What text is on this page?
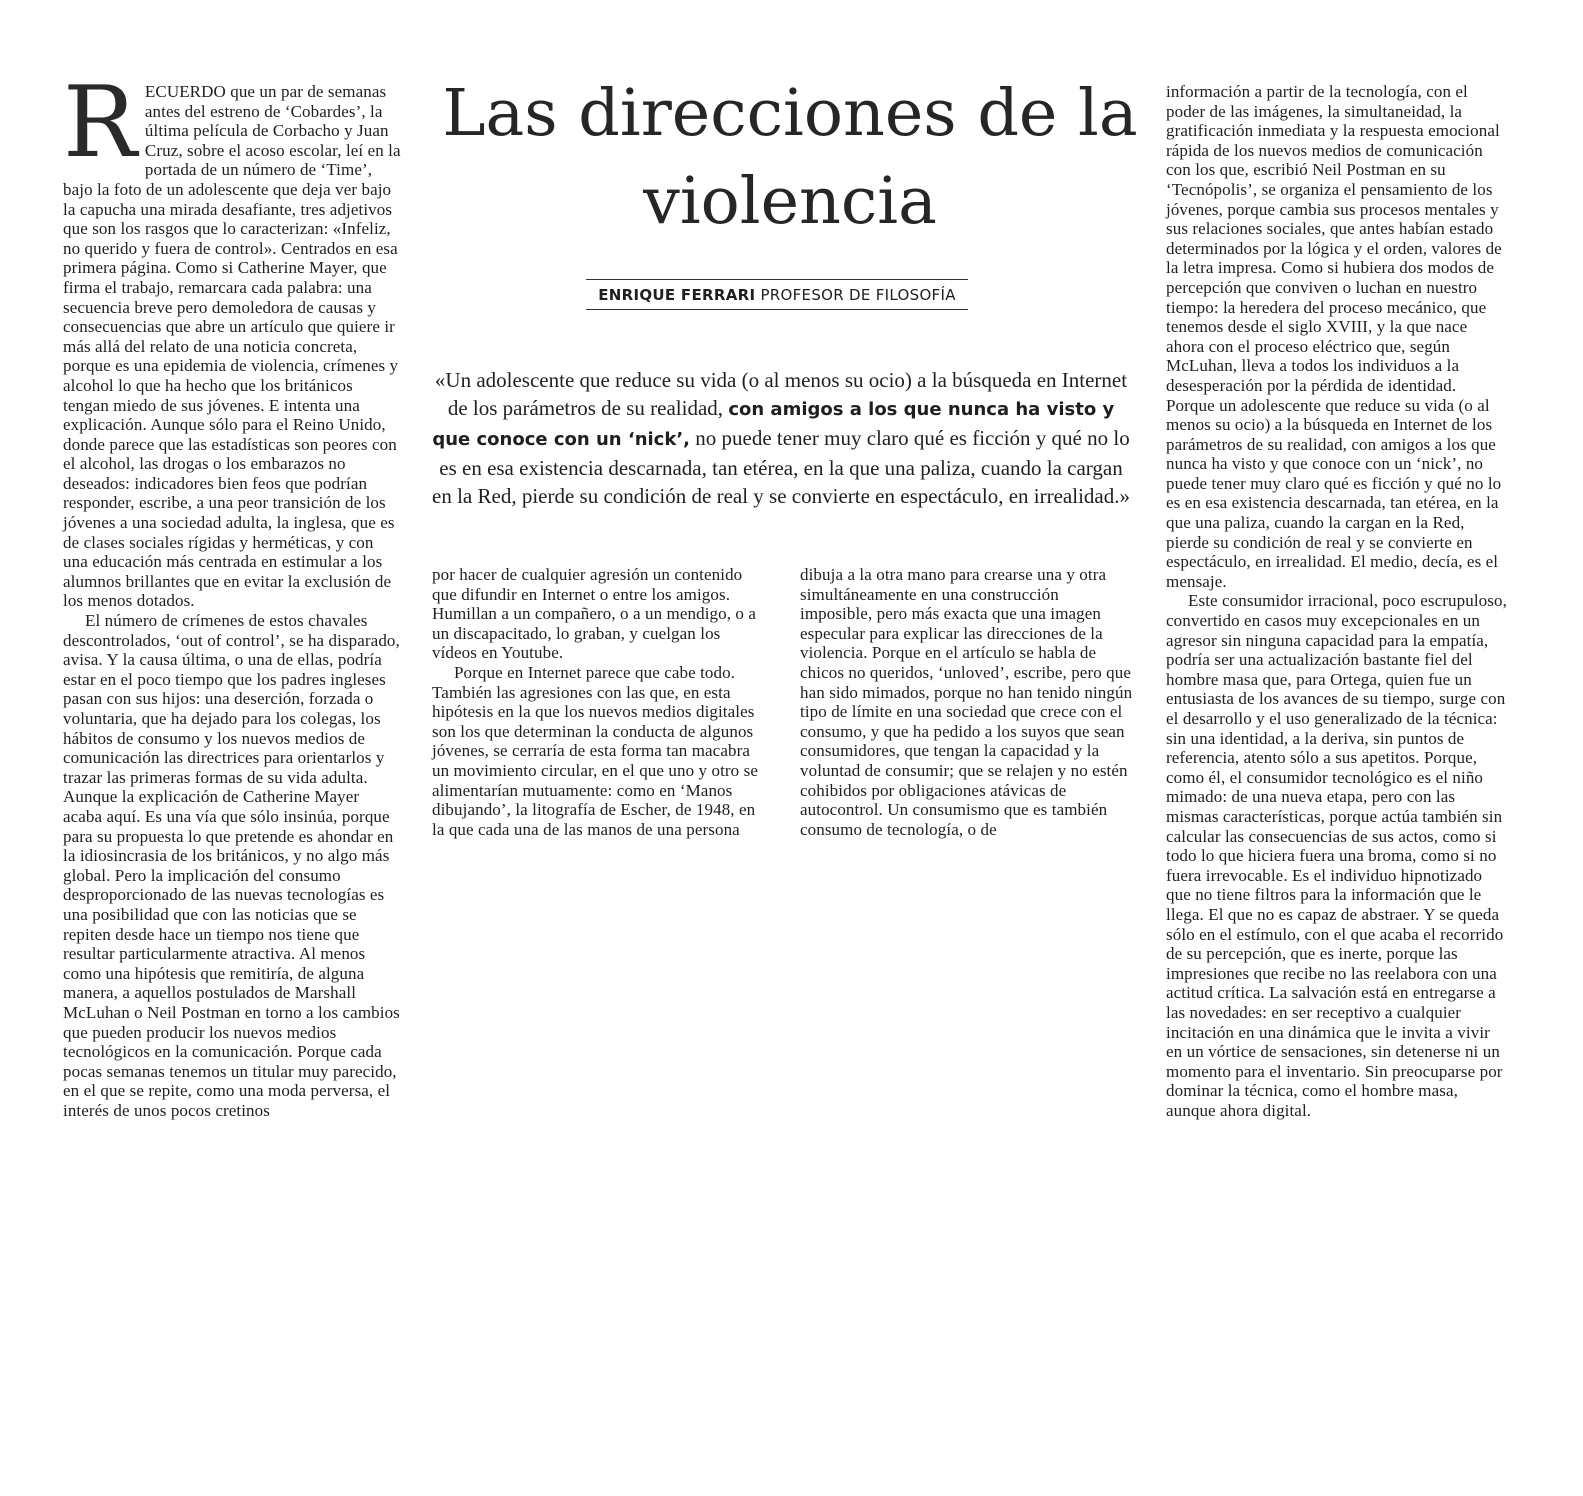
Las direcciones de la violencia
ENRIQUE FERRARI PROFESOR DE FILOSOFÍA

«Un adolescente que reduce su vida (o al menos su ocio) a la búsqueda en Internet de los parámetros de su realidad, con amigos a los que nunca ha visto y que conoce con un ‘nick’, no puede tener muy claro qué es ficción y qué no lo es en esa existencia descarnada, tan etérea, en la que una paliza, cuando la cargan en la Red, pierde su condición de real y se convierte en espectáculo, en irrealidad.»

R ECUERDO que un par de semanas antes del estreno de ‘Cobardes’, la última película de Corbacho y Juan Cruz, sobre el acoso escolar, leí en la portada de un número de ‘Time’, bajo la foto de un adolescente que deja ver bajo la capucha una mirada desafiante, tres adjetivos que son los rasgos que lo caracterizan: «Infeliz, no querido y fuera de control». Centrados en esa primera página. Como si Catherine Mayer, que firma el trabajo, remarcara cada palabra: una secuencia breve pero demoledora de causas y consecuencias que abre un artículo que quiere ir más allá del relato de una noticia concreta, porque es una epidemia de violencia, crímenes y alcohol lo que ha hecho que los británicos tengan miedo de sus jóvenes. E intenta una explicación. Aunque sólo para el Reino Unido, donde parece que las estadísticas son peores con el alcohol, las drogas o los embarazos no deseados: indicadores bien feos que podrían responder, escribe, a una peor transición de los jóvenes a una sociedad adulta, la inglesa, que es de clases sociales rígidas y herméticas, y con una educación más centrada en estimular a los alumnos brillantes que en evitar la exclusión de los menos dotados.

El número de crímenes de estos chavales descontrolados, ‘out of control’, se ha disparado, avisa. Y la causa última, o una de ellas, podría estar en el poco tiempo que los padres ingleses pasan con sus hijos: una deserción, forzada o voluntaria, que ha dejado para los colegas, los hábitos de consumo y los nuevos medios de comunicación las directrices para orientarlos y trazar las primeras formas de su vida adulta. Aunque la explicación de Catherine Mayer acaba aquí. Es una vía que sólo insinúa, porque para su propuesta lo que pretende es ahondar en la idiosincrasia de los británicos, y no algo más global. Pero la implicación del consumo desproporcionado de las nuevas tecnologías es una posibilidad que con las noticias que se repiten desde hace un tiempo nos tiene que resultar particularmente atractiva. Al menos como una hipótesis que remitiría, de alguna manera, a aquellos postulados de Marshall McLuhan o Neil Postman en torno a los cambios que pueden producir los nuevos medios tecnológicos en la comunicación. Porque cada pocas semanas tenemos un titular muy parecido, en el que se repite, como una moda perversa, el interés de unos pocos cretinos

por hacer de cualquier agresión un contenido que difundir en Internet o entre los amigos. Humillan a un compañero, o a un mendigo, o a un discapacitado, lo graban, y cuelgan los vídeos en Youtube.

Porque en Internet parece que cabe todo. También las agresiones con las que, en esta hipótesis en la que los nuevos medios digitales son los que determinan la conducta de algunos jóvenes, se cerraría de esta forma tan macabra un movimiento circular, en el que uno y otro se alimentarían mutuamente: como en ‘Manos dibujando’, la litografía de Escher, de 1948, en la que cada una de las manos de una persona

dibuja a la otra mano para crearse una y otra simultáneamente en una construcción imposible, pero más exacta que una imagen especular para explicar las direcciones de la violencia. Porque en el artículo se habla de chicos no queridos, ‘unloved’, escribe, pero que han sido mimados, porque no han tenido ningún tipo de límite en una sociedad que crece con el consumo, y que ha pedido a los suyos que sean consumidores, que tengan la capacidad y la voluntad de consumir; que se relajen y no estén cohibidos por obligaciones atávicas de autocontrol. Un consumismo que es también consumo de tecnología, o de

información a partir de la tecnología, con el poder de las imágenes, la simultaneidad, la gratificación inmediata y la respuesta emocional rápida de los nuevos medios de comunicación con los que, escribió Neil Postman en su ‘Tecnópolis’, se organiza el pensamiento de los jóvenes, porque cambia sus procesos mentales y sus relaciones sociales, que antes habían estado determinados por la lógica y el orden, valores de la letra impresa. Como si hubiera dos modos de percepción que conviven o luchan en nuestro tiempo: la heredera del proceso mecánico, que tenemos desde el siglo XVIII, y la que nace ahora con el proceso eléctrico que, según McLuhan, lleva a todos los individuos a la desesperación por la pérdida de identidad. Porque un adolescente que reduce su vida (o al menos su ocio) a la búsqueda en Internet de los parámetros de su realidad, con amigos a los que nunca ha visto y que conoce con un ‘nick’, no puede tener muy claro qué es ficción y qué no lo es en esa existencia descarnada, tan etérea, en la que una paliza, cuando la cargan en la Red, pierde su condición de real y se convierte en espectáculo, en irrealidad. El medio, decía, es el mensaje.

Este consumidor irracional, poco escrupuloso, convertido en casos muy excepcionales en un agresor sin ninguna capacidad para la empatía, podría ser una actualización bastante fiel del hombre masa que, para Ortega, quien fue un entusiasta de los avances de su tiempo, surge con el desarrollo y el uso generalizado de la técnica: sin una identidad, a la deriva, sin puntos de referencia, atento sólo a sus apetitos. Porque, como él, el consumidor tecnológico es el niño mimado: de una nueva etapa, pero con las mismas características, porque actúa también sin calcular las consecuencias de sus actos, como si todo lo que hiciera fuera una broma, como si no fuera irrevocable. Es el individuo hipnotizado que no tiene filtros para la información que le llega. El que no es capaz de abstraer. Y se queda sólo en el estímulo, con el que acaba el recorrido de su percepción, que es inerte, porque las impresiones que recibe no las reelabora con una actitud crítica. La salvación está en entregarse a las novedades: en ser receptivo a cualquier incitación en una dinámica que le invita a vivir en un vórtice de sensaciones, sin detenerse ni un momento para el inventario. Sin preocuparse por dominar la técnica, como el hombre masa, aunque ahora digital.
